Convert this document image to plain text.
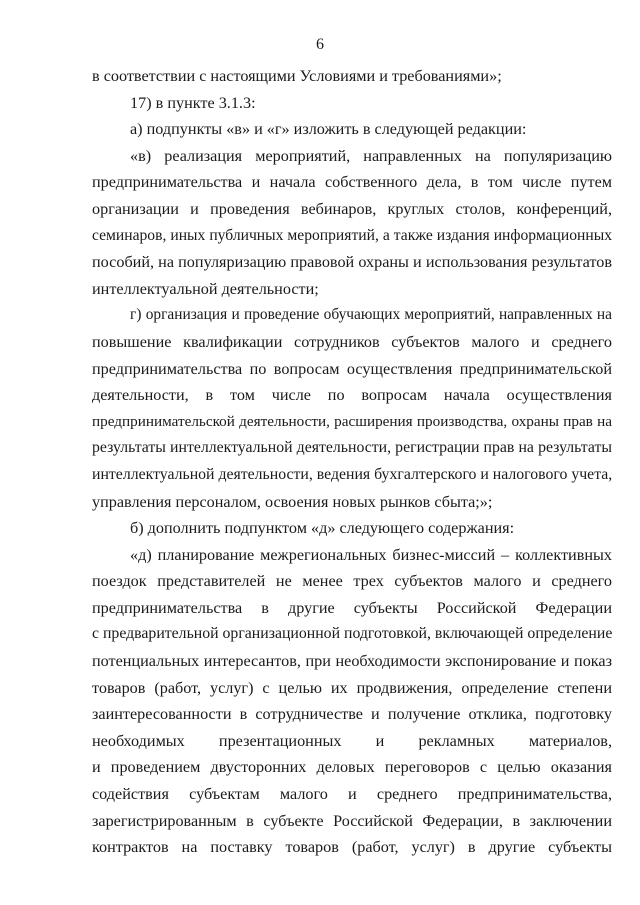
6
в соответствии с настоящими Условиями и требованиями»;
17) в пункте 3.1.3:
а) подпункты «в» и «г» изложить в следующей редакции:
«в) реализация мероприятий, направленных на популяризацию
предпринимательства и начала собственного дела, в том числе путем
организации и проведения вебинаров, круглых столов, конференций,
семинаров, иных публичных мероприятий, а также издания информационных
пособий, на популяризацию правовой охраны и использования результатов
интеллектуальной деятельности;
г) организация и проведение обучающих мероприятий, направленных на
повышение квалификации сотрудников субъектов малого и среднего
предпринимательства по вопросам осуществления предпринимательской
деятельности, в том числе по вопросам начала осуществления
предпринимательской деятельности, расширения производства, охраны прав на
результаты интеллектуальной деятельности, регистрации прав на результаты
интеллектуальной деятельности, ведения бухгалтерского и налогового учета,
управления персоналом, освоения новых рынков сбыта;»;
б) дополнить подпунктом «д» следующего содержания:
«д) планирование межрегиональных бизнес-миссий – коллективных
поездок представителей не менее трех субъектов малого и среднего
предпринимательства в другие субъекты Российской Федерации
с предварительной организационной подготовкой, включающей определение
потенциальных интересантов, при необходимости экспонирование и показ
товаров (работ, услуг) с целью их продвижения, определение степени
заинтересованности в сотрудничестве и получение отклика, подготовку
необходимых презентационных и рекламных материалов,
и проведением двусторонних деловых переговоров с целью оказания
содействия субъектам малого и среднего предпринимательства,
зарегистрированным в субъекте Российской Федерации, в заключении
контрактов на поставку товаров (работ, услуг) в другие субъекты
